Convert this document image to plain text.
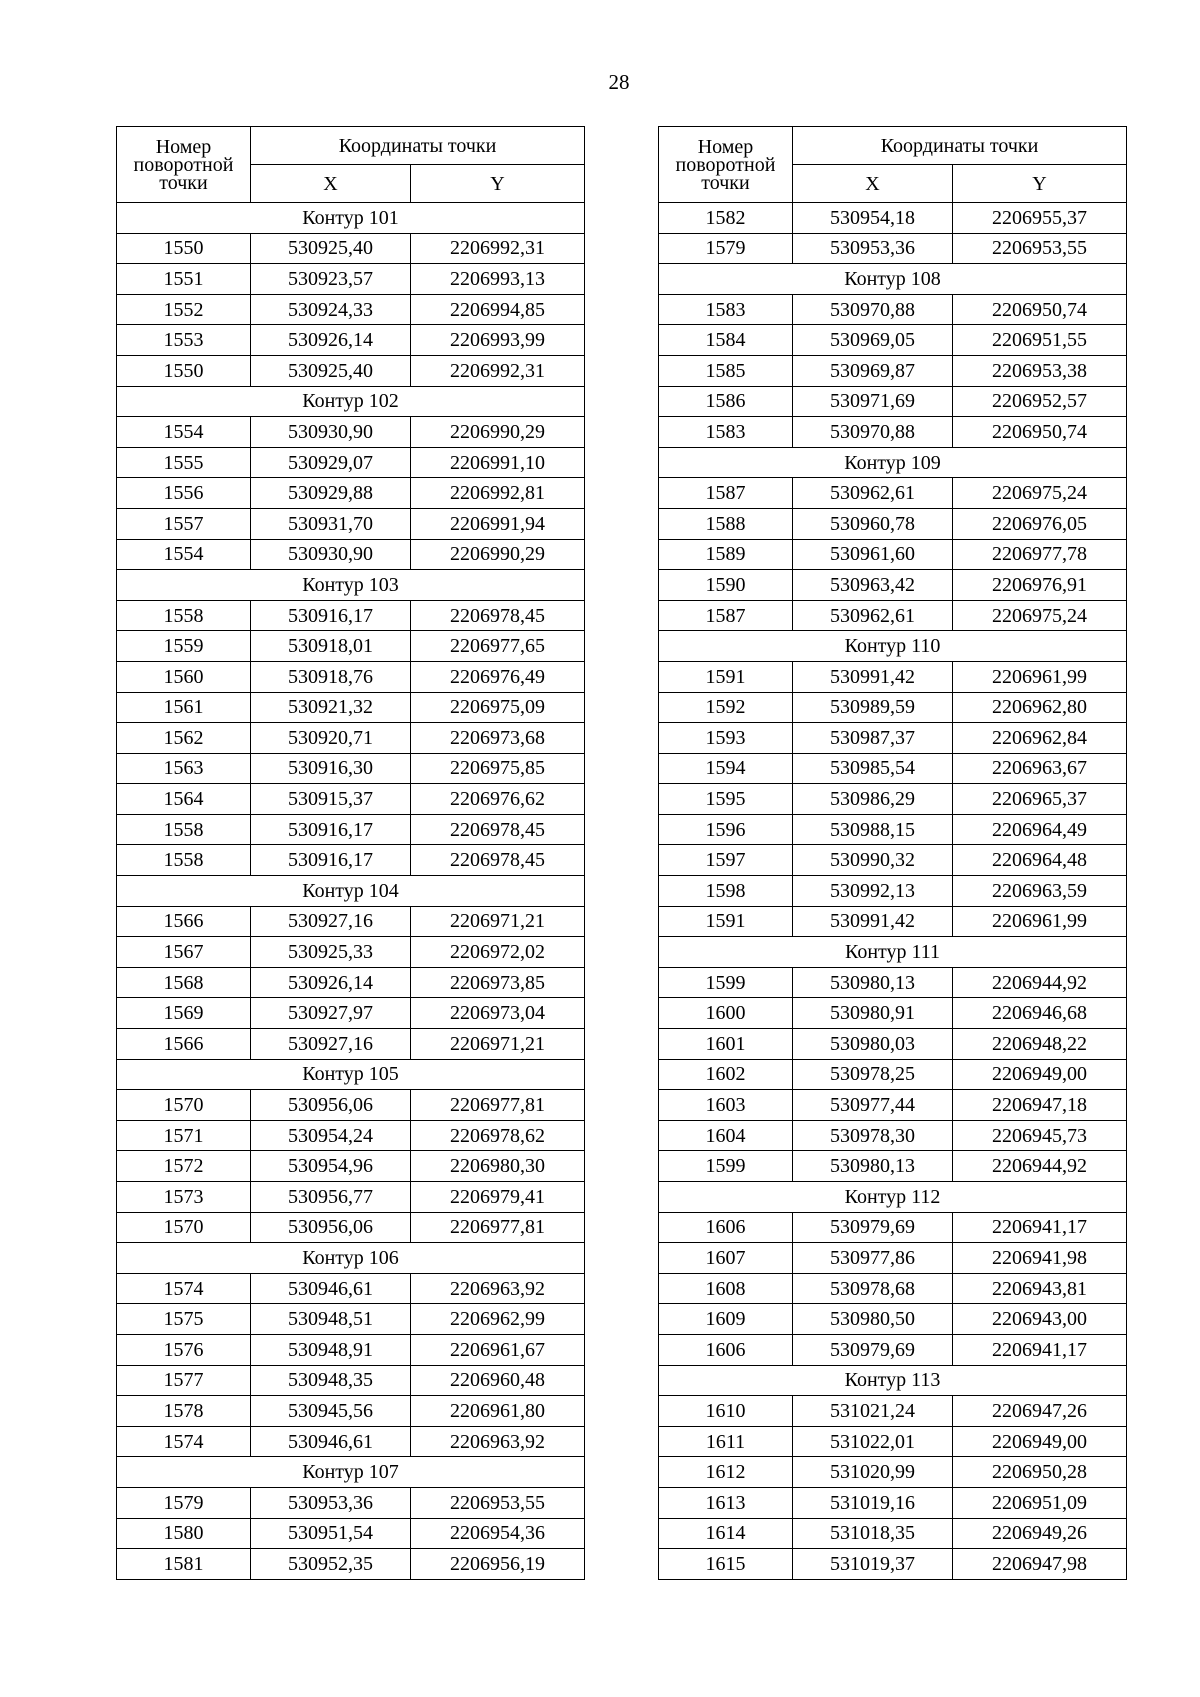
28
Номер поворотной точки	Координаты точки	
	X	Y
Контур 101		
1550	530925,40	2206992,31
1551	530923,57	2206993,13
1552	530924,33	2206994,85
1553	530926,14	2206993,99
1550	530925,40	2206992,31
Контур 102		
1554	530930,90	2206990,29
1555	530929,07	2206991,10
1556	530929,88	2206992,81
1557	530931,70	2206991,94
1554	530930,90	2206990,29
Контур 103		
1558	530916,17	2206978,45
1559	530918,01	2206977,65
1560	530918,76	2206976,49
1561	530921,32	2206975,09
1562	530920,71	2206973,68
1563	530916,30	2206975,85
1564	530915,37	2206976,62
1558	530916,17	2206978,45
1558	530916,17	2206978,45
Контур 104		
1566	530927,16	2206971,21
1567	530925,33	2206972,02
1568	530926,14	2206973,85
1569	530927,97	2206973,04
1566	530927,16	2206971,21
Контур 105		
1570	530956,06	2206977,81
1571	530954,24	2206978,62
1572	530954,96	2206980,30
1573	530956,77	2206979,41
1570	530956,06	2206977,81
Контур 106		
1574	530946,61	2206963,92
1575	530948,51	2206962,99
1576	530948,91	2206961,67
1577	530948,35	2206960,48
1578	530945,56	2206961,80
1574	530946,61	2206963,92
Контур 107		
1579	530953,36	2206953,55
1580	530951,54	2206954,36
1581	530952,35	2206956,19
Номер поворотной точки	Координаты точки	
	X	Y
1582	530954,18	2206955,37
1579	530953,36	2206953,55
Контур 108		
1583	530970,88	2206950,74
1584	530969,05	2206951,55
1585	530969,87	2206953,38
1586	530971,69	2206952,57
1583	530970,88	2206950,74
Контур 109		
1587	530962,61	2206975,24
1588	530960,78	2206976,05
1589	530961,60	2206977,78
1590	530963,42	2206976,91
1587	530962,61	2206975,24
Контур 110		
1591	530991,42	2206961,99
1592	530989,59	2206962,80
1593	530987,37	2206962,84
1594	530985,54	2206963,67
1595	530986,29	2206965,37
1596	530988,15	2206964,49
1597	530990,32	2206964,48
1598	530992,13	2206963,59
1591	530991,42	2206961,99
Контур 111		
1599	530980,13	2206944,92
1600	530980,91	2206946,68
1601	530980,03	2206948,22
1602	530978,25	2206949,00
1603	530977,44	2206947,18
1604	530978,30	2206945,73
1599	530980,13	2206944,92
Контур 112		
1606	530979,69	2206941,17
1607	530977,86	2206941,98
1608	530978,68	2206943,81
1609	530980,50	2206943,00
1606	530979,69	2206941,17
Контур 113		
1610	531021,24	2206947,26
1611	531022,01	2206949,00
1612	531020,99	2206950,28
1613	531019,16	2206951,09
1614	531018,35	2206949,26
1615	531019,37	2206947,98
